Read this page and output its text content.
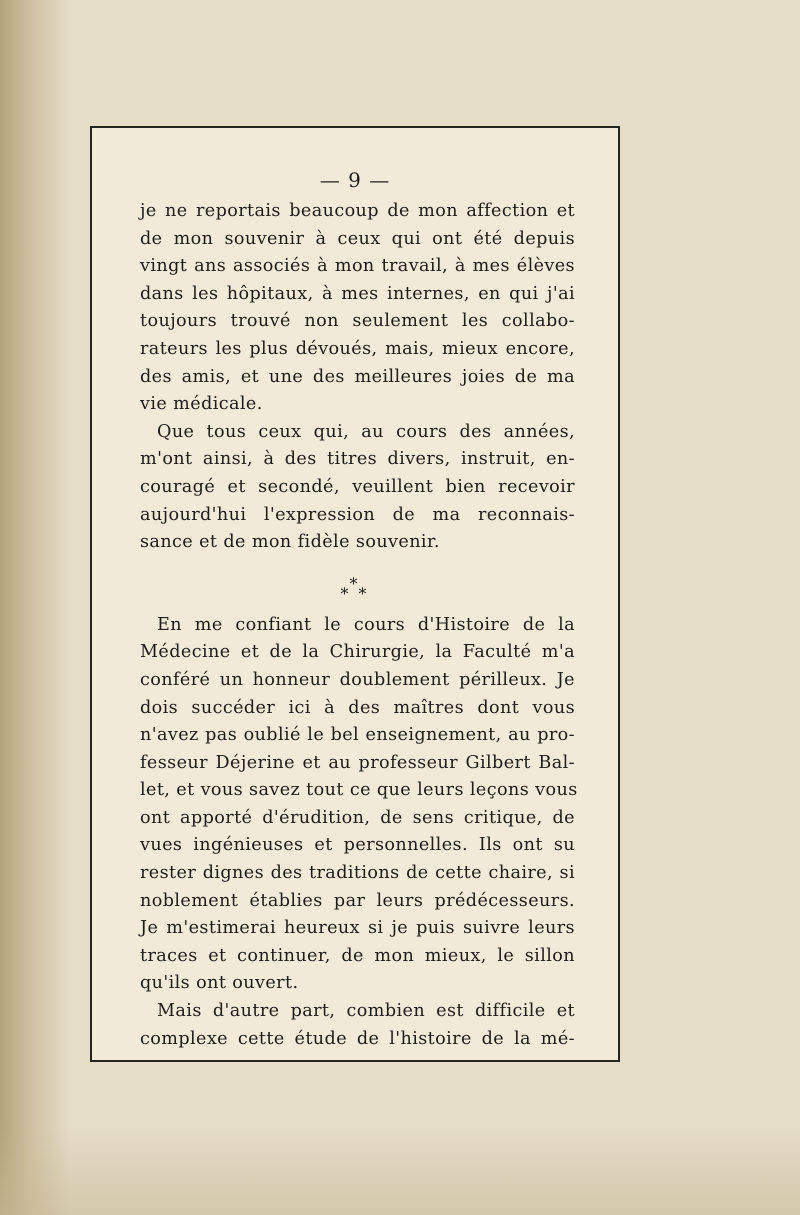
— 9 —
je ne reportais beaucoup de mon affection et
de mon souvenir à ceux qui ont été depuis
vingt ans associés à mon travail, à mes élèves
dans les hôpitaux, à mes internes, en qui j'ai
toujours trouvé non seulement les collabo-
rateurs les plus dévoués, mais, mieux encore,
des amis, et une des meilleures joies de ma
vie médicale.
Que tous ceux qui, au cours des années,
m'ont ainsi, à des titres divers, instruit, en-
couragé et secondé, veuillent bien recevoir
aujourd'hui l'expression de ma reconnais-
sance et de mon fidèle souvenir.
∗
∗ ∗
En me confiant le cours d'Histoire de la
Médecine et de la Chirurgie, la Faculté m'a
conféré un honneur doublement périlleux. Je
dois succéder ici à des maîtres dont vous
n'avez pas oublié le bel enseignement, au pro-
fesseur Déjerine et au professeur Gilbert Bal-
let, et vous savez tout ce que leurs leçons vous
ont apporté d'érudition, de sens critique, de
vues ingénieuses et personnelles. Ils ont su
rester dignes des traditions de cette chaire, si
noblement établies par leurs prédécesseurs.
Je m'estimerai heureux si je puis suivre leurs
traces et continuer, de mon mieux, le sillon
qu'ils ont ouvert.
Mais d'autre part, combien est difficile et
complexe cette étude de l'histoire de la mé-
